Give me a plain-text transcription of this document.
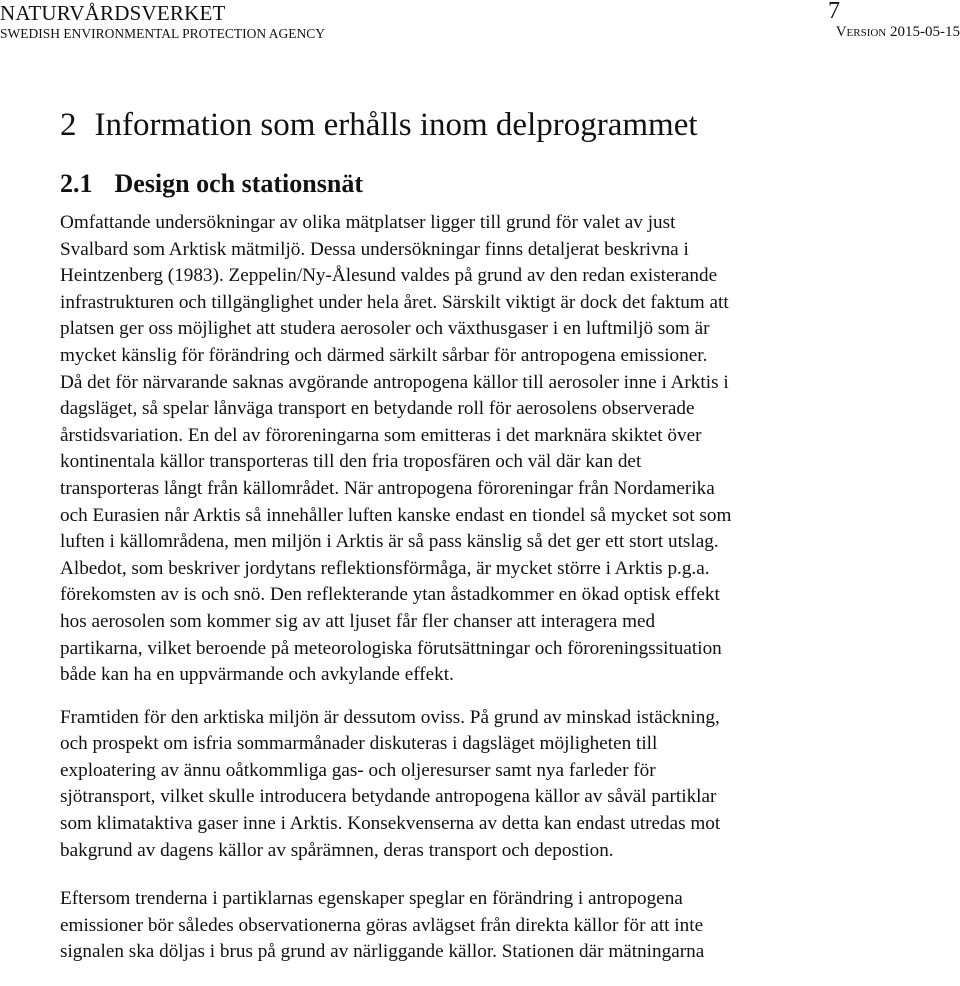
NATURVÅRDSVERKET
SWEDISH ENVIRONMENTAL PROTECTION AGENCY
7
Version 2015-05-15
2 Information som erhålls inom delprogrammet
2.1 Design och stationsnät

Omfattande undersökningar av olika mätplatser ligger till grund för valet av just
Svalbard som Arktisk mätmiljö. Dessa undersökningar finns detaljerat beskrivna i
Heintzenberg (1983). Zeppelin/Ny-Ålesund valdes på grund av den redan existerande
infrastrukturen och tillgänglighet under hela året. Särskilt viktigt är dock det faktum att
platsen ger oss möjlighet att studera aerosoler och växthusgaser i en luftmiljö som är
mycket känslig för förändring och därmed särkilt sårbar för antropogena emissioner.
Då det för närvarande saknas avgörande antropogena källor till aerosoler inne i Arktis i
dagsläget, så spelar lånväga transport en betydande roll för aerosolens observerade
årstidsvariation. En del av föroreningarna som emitteras i det marknära skiktet över
kontinentala källor transporteras till den fria troposfären och väl där kan det
transporteras långt från källområdet. När antropogena föroreningar från Nordamerika
och Eurasien når Arktis så innehåller luften kanske endast en tiondel så mycket sot som
luften i källområdena, men miljön i Arktis är så pass känslig så det ger ett stort utslag.
Albedot, som beskriver jordytans reflektionsförmåga, är mycket större i Arktis p.g.a.
förekomsten av is och snö. Den reflekterande ytan åstadkommer en ökad optisk effekt
hos aerosolen som kommer sig av att ljuset får fler chanser att interagera med
partikarna, vilket beroende på meteorologiska förutsättningar och föroreningssituation
både kan ha en uppvärmande och avkylande effekt.

Framtiden för den arktiska miljön är dessutom oviss. På grund av minskad istäckning,
och prospekt om isfria sommarmånader diskuteras i dagsläget möjligheten till
exploatering av ännu oåtkommliga gas- och oljeresurser samt nya farleder för
sjötransport, vilket skulle introducera betydande antropogena källor av såväl partiklar
som klimataktiva gaser inne i Arktis. Konsekvenserna av detta kan endast utredas mot
bakgrund av dagens källor av spårämnen, deras transport och depostion.

Eftersom trenderna i partiklarnas egenskaper speglar en förändring i antropogena
emissioner bör således observationerna göras avlägset från direkta källor för att inte
signalen ska döljas i brus på grund av närliggande källor. Stationen där mätningarna
